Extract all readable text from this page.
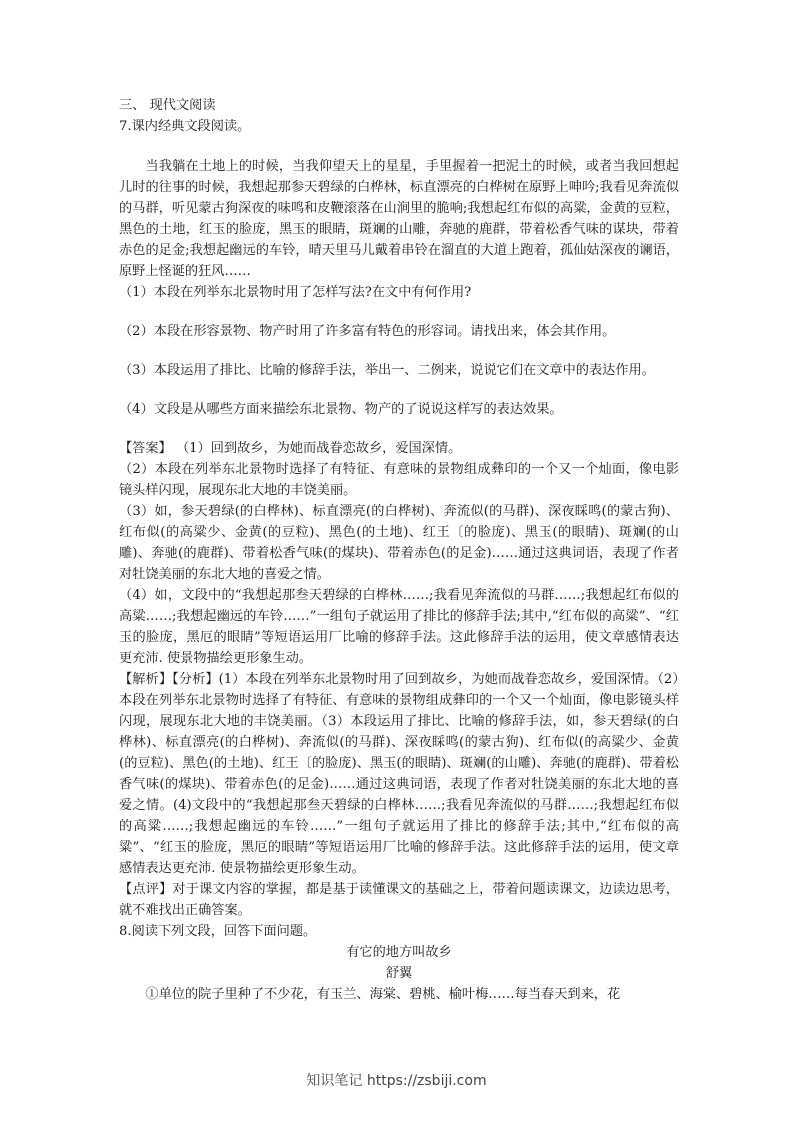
三、 现代文阅读

7.课内经典文段阅读。

当我躺在土地上的时候，当我仰望天上的星星，手里握着一把泥土的时候，或者当我回想起儿时的往事的时候，我想起那参天碧绿的白桦林，标直漂亮的白桦树在原野上呻吟;我看见奔流似的马群，听见蒙古狗深夜的味鸣和皮鞭滚落在山涧里的脆响;我想起红布似的高粱，金黄的豆粒，黑色的土地，红玉的脸庞，黑玉的眼睛，斑斓的山雕，奔驰的鹿群，带着松香气味的谋块，带着赤色的足金;我想起幽远的车铃，晴天里马儿戴着串铃在溜直的大道上跑着，孤仙姑深夜的谰语，原野上怪诞的狂风……

（1）本段在列举东北景物时用了怎样写法?在文中有何作用?

（2）本段在形容景物、物产时用了许多富有特色的形容词。请找出来，体会其作用。

（3）本段运用了排比、比喻的修辞手法，举出一、二例来，说说它们在文章中的表达作用。

（4）文段是从哪些方面来描绘东北景物、物产的了说说这样写的表达效果。

【答案】 （1）回到故乡，为她而战眷恋故乡，爱国深情。

（2）本段在列举东北景物时选择了有特征、有意味的景物组成彝印的一个又一个灿面，像电影镜头样闪现，展现东北大地的丰饶美丽。

（3）如，参天碧绿(的白桦林)、标直漂亮(的白桦树)、奔流似(的马群)、深夜睬鸣(的蒙古狗)、红布似(的高粱少、金黄(的豆粒)、黑色(的土地)、红王〔的脸庞)、黑玉(的眼睛)、斑斓(的山雕)、奔驰(的鹿群)、带着松香气味(的煤块)、带着赤色(的足金)……通过这典词语，表现了作者对牡饶美丽的东北大地的喜爱之情。

（4）如，文段中的“我想起那叁天碧绿的白桦林……;我看见奔流似的马群……;我想起红布似的高粱……;我想起幽远的车铃……”一组句子就运用了排比的修辞手法;其中,“红布似的高粱”、“红玉的脸庞，黑厄的眼睛”等短语运用厂比喻的修辞手法。这此修辞手法的运用，使文章感情表达更充沛. 使景物描绘更形象生动。

【解析】【分析】(1）本段在列举东北景物时用了回到故乡，为她而战眷恋故乡，爱国深情。（2）本段在列举东北景物时选择了有特征、有意味的景物组成彝印的一个又一个灿面，像电影镜头样闪现，展现东北大地的丰饶美丽。（3）本段运用了排比、比喻的修辞手法，如，参天碧绿(的白桦林)、标直漂亮(的白桦树)、奔流似(的马群)、深夜睬鸣(的蒙古狗)、红布似(的高粱少、金黄(的豆粒)、黑色(的土地)、红王〔的脸庞)、黑玉(的眼睛)、斑斓(的山雕)、奔驰(的鹿群)、带着松香气味(的煤块)、带着赤色(的足金)……通过这典词语，表现了作者对牡饶美丽的东北大地的喜爱之情。(4)文段中的“我想起那叁天碧绿的白桦林……;我看见奔流似的马群……;我想起红布似的高粱……;我想起幽远的车铃……”一组句子就运用了排比的修辞手法;其中,“红布似的高粱”、“红玉的脸庞，黑厄的眼睛”等短语运用厂比喻的修辞手法。这此修辞手法的运用，使文章感情表达更充沛. 使景物描绘更形象生动。

【点评】对于课文内容的掌握，都是基于读懂课文的基础之上，带着问题读课文，边读边思考，就不难找出正确答案。

8.阅读下列文段，回答下面问题。

有它的地方叫故乡

舒翼

①单位的院子里种了不少花，有玉兰、海棠、碧桃、榆叶梅……每当春天到来，花

知识笔记 https://zsbiji.com
